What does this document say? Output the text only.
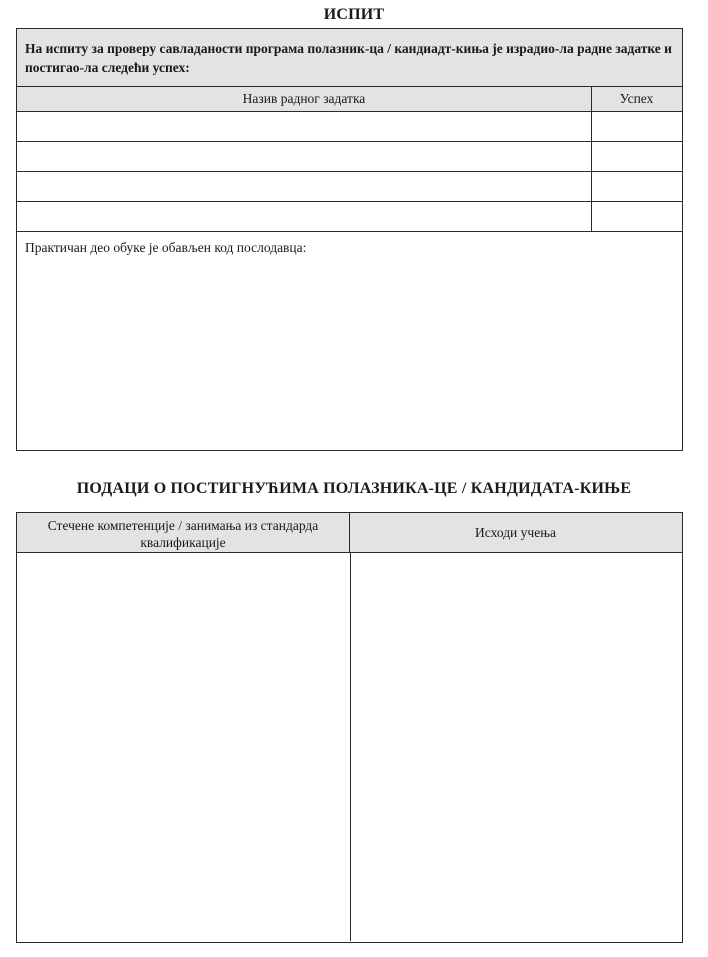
ИСПИТ
На испиту за проверу савладаности програма полазник-ца / кандиадт-киња је израдио-ла радне задатке и постигао-ла следећи успех:
Назив радног задатка	Успех
Практичан део обуке је обављен код послодавца:
ПОДАЦИ О ПОСТИГНУЋИМА ПОЛАЗНИКА-ЦЕ / КАНДИДАТА-КИЊЕ
Стечене компетенције / занимања из стандарда квалификације
Исходи учења
